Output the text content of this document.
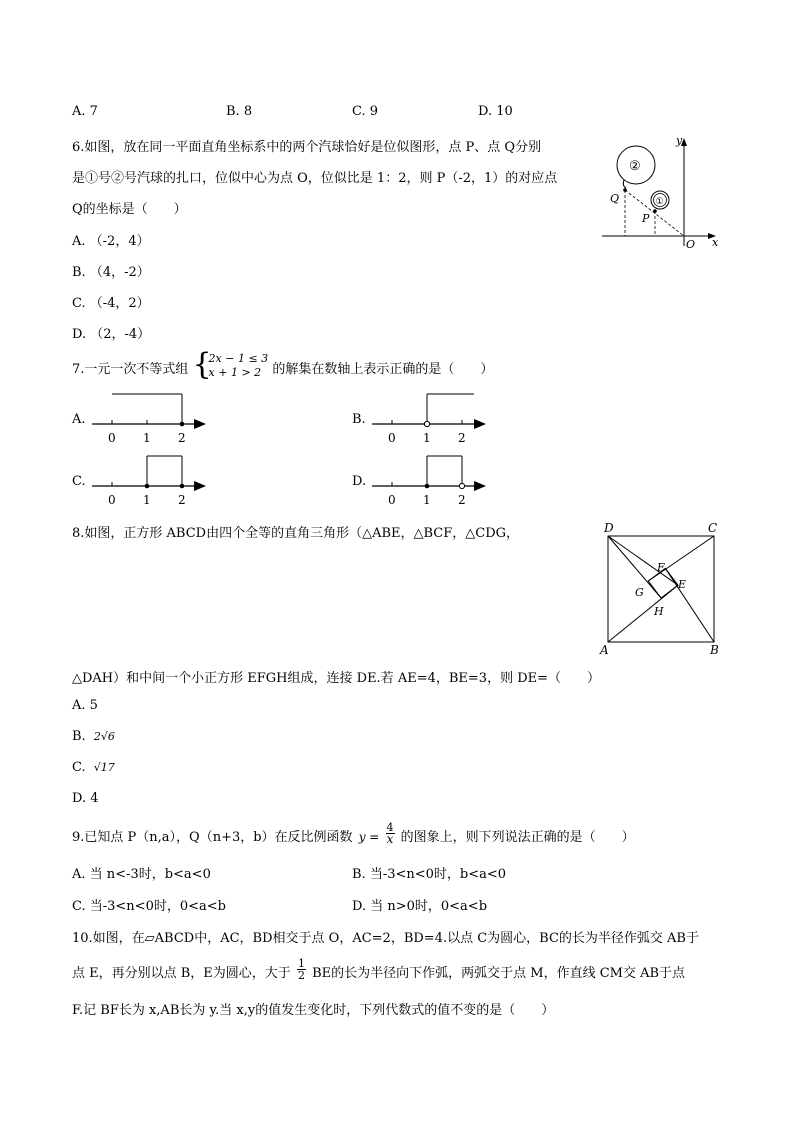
A. 7	B. 8	C. 9	D. 10
6.如图，放在同一平面直角坐标系中的两个汽球恰好是位似图形，点 P、点 Q分别
是①号②号汽球的扎口，位似中心为点 O，位似比是 1：2，则 P（-2，1）的对应点
Q的坐标是（　　）
A. （-2，4）
B. （4，-2）
C. （-4，2）
D. （2，-4）
y
x
O
②
①
Q
P
7.一元一次不等式组 {
2x − 1 ≤ 3
x + 1 > 2 的解集在数轴上表示正确的是（　　）
A.
0 1 2
B.
0 1 2
C.
0 1 2
D.
0 1 2
8.如图，正方形 ABCD由四个全等的直角三角形（△ABE，△BCF，△CDG，	D	C
A	B
F
E
G
H
△DAH）和中间一个小正方形 EFGH组成，连接 DE.若 AE=4，BE=3，则 DE=（　　）
A. 5
B. 2√6
C. √17
D. 4
9.已知点 P（n,a），Q（n+3，b）在反比例函数 $y = \frac{4}{x}$ 的图象上，则下列说法正确的是（　　）
A. 当 n<-3时，b<a<0	B. 当-3<n<0时，b<a<0
C. 当-3<n<0时，0<a<b	D. 当 n>0时，0<a<b
10.如图，在▱ABCD中，AC，BD相交于点 O，AC=2，BD=4.以点 C为圆心，BC的长为半径作弧交 AB于
点 E，再分别以点 B，E为圆心，大于 $\frac{1}{2}$ BE的长为半径向下作弧，两弧交于点 M，作直线 CM交 AB于点
F.记 BF长为 x,AB长为 y.当 x,y的值发生变化时，下列代数式的值不变的是（　　）
